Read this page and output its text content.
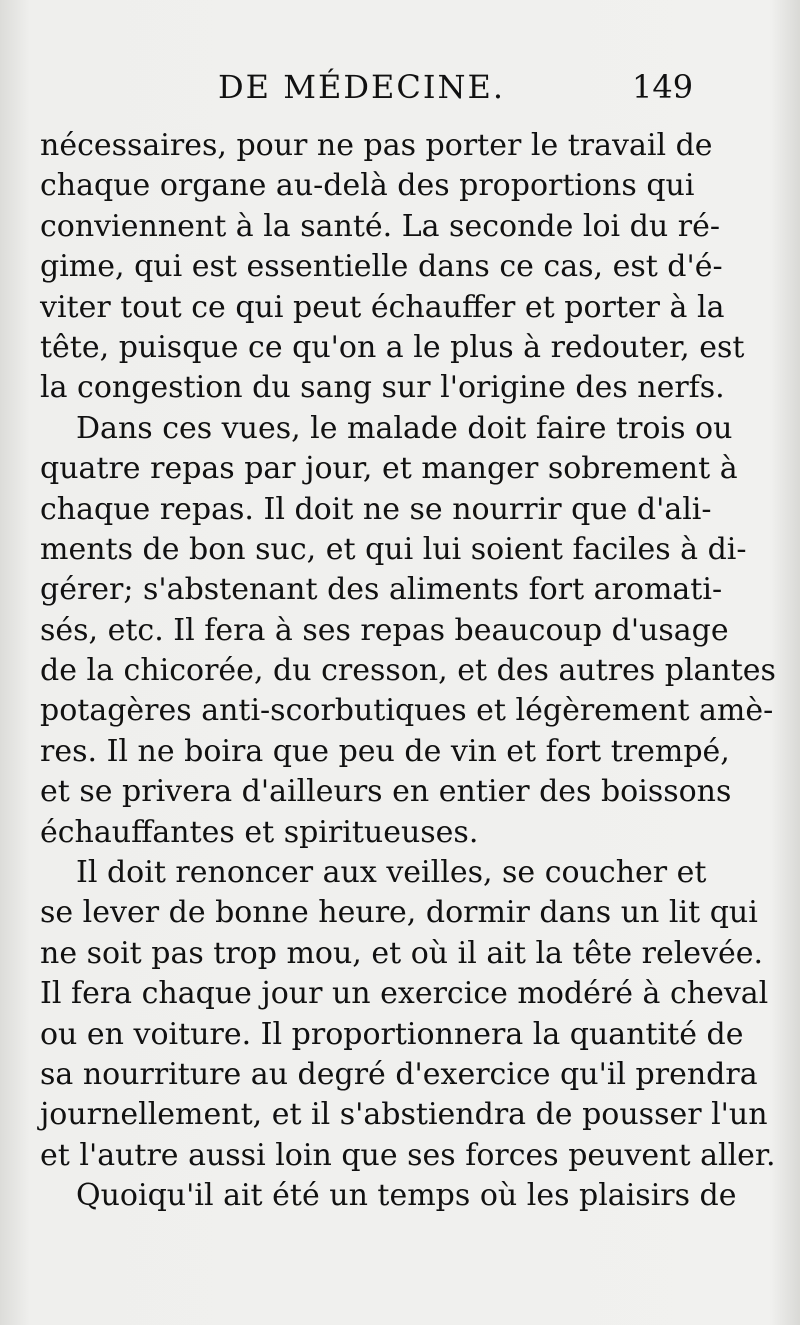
DE MÉDECINE.	149
nécessaires, pour ne pas porter le travail de
chaque organe au-delà des proportions qui
conviennent à la santé. La seconde loi du ré-
gime, qui est essentielle dans ce cas, est d'é-
viter tout ce qui peut échauffer et porter à la
tête, puisque ce qu'on a le plus à redouter, est
la congestion du sang sur l'origine des nerfs.
Dans ces vues, le malade doit faire trois ou
quatre repas par jour, et manger sobrement à
chaque repas. Il doit ne se nourrir que d'ali-
ments de bon suc, et qui lui soient faciles à di-
gérer; s'abstenant des aliments fort aromati-
sés, etc. Il fera à ses repas beaucoup d'usage
de la chicorée, du cresson, et des autres plantes
potagères anti-scorbutiques et légèrement amè-
res. Il ne boira que peu de vin et fort trempé,
et se privera d'ailleurs en entier des boissons
échauffantes et spiritueuses.
Il doit renoncer aux veilles, se coucher et
se lever de bonne heure, dormir dans un lit qui
ne soit pas trop mou, et où il ait la tête relevée.
Il fera chaque jour un exercice modéré à cheval
ou en voiture. Il proportionnera la quantité de
sa nourriture au degré d'exercice qu'il prendra
journellement, et il s'abstiendra de pousser l'un
et l'autre aussi loin que ses forces peuvent aller.
Quoiqu'il ait été un temps où les plaisirs de
